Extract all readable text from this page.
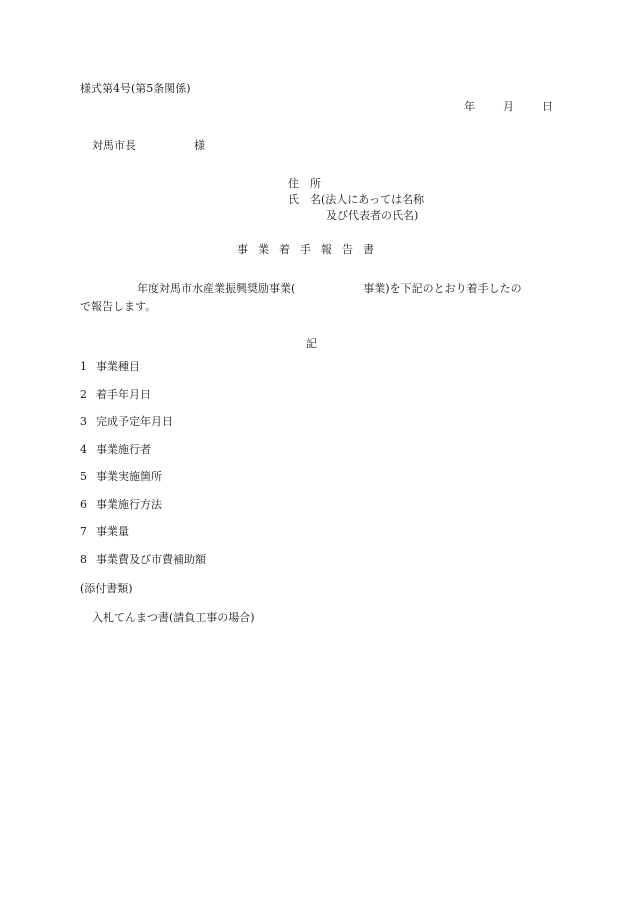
様式第4号(第5条関係)
年	月	日
対馬市長	様
住　所
氏　名(法人にあっては名称
及び代表者の氏名)
事業着手報告書
年度対馬市水産業振興奨励事業(	事業)を下記のとおり着手したの
で報告します。
記
1 事業種目
2 着手年月日
3 完成予定年月日
4 事業施行者
5 事業実施箇所
6 事業施行方法
7 事業量
8 事業費及び市費補助額
(添付書類)
入札てんまつ書(請負工事の場合)
